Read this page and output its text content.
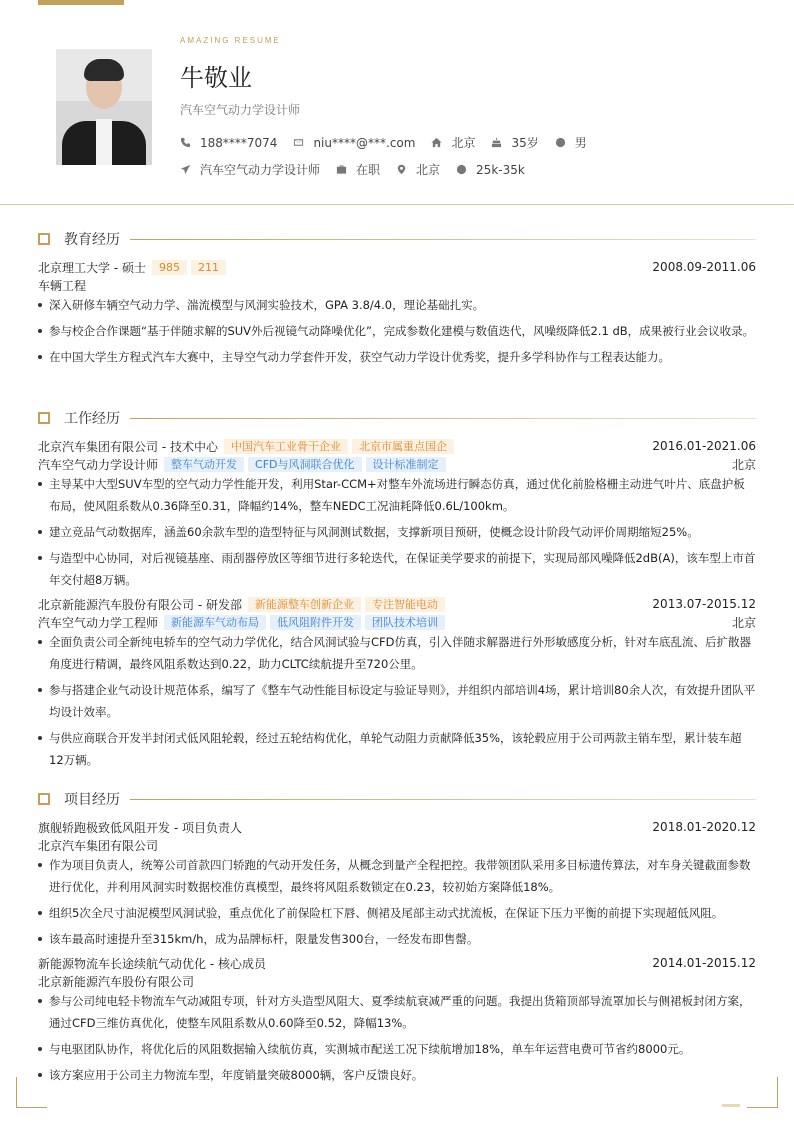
AMAZING RESUME
牛敬业
汽车空气动力学设计师
188****7074	niu****@***.com	北京	35岁	男
汽车空气动力学设计师	在职	北京	25k-35k
教育经历
北京理工大学 - 硕士	985	211	2008.09-2011.06
车辆工程
深入研修车辆空气动力学、湍流模型与风洞实验技术，GPA 3.8/4.0，理论基础扎实。
参与校企合作课题“基于伴随求解的SUV外后视镜气动降噪优化”，完成参数化建模与数值迭代，风噪级降低2.1 dB，成果被行业会议收录。
在中国大学生方程式汽车大赛中，主导空气动力学套件开发，获空气动力学设计优秀奖，提升多学科协作与工程表达能力。
工作经历
北京汽车集团有限公司 - 技术中心	中国汽车工业骨干企业	北京市属重点国企	2016.01-2021.06
汽车空气动力学设计师	整车气动开发	CFD与风洞联合优化	设计标准制定	北京
主导某中大型SUV车型的空气动力学性能开发，利用Star-CCM+对整车外流场进行瞬态仿真，通过优化前脸格栅主动进气叶片、底盘护板布局，使风阻系数从0.36降至0.31，降幅约14%，整车NEDC工况油耗降低0.6L/100km。
建立竞品气动数据库，涵盖60余款车型的造型特征与风洞测试数据，支撑新项目预研，使概念设计阶段气动评价周期缩短25%。
与造型中心协同，对后视镜基座、雨刮器停放区等细节进行多轮迭代，在保证美学要求的前提下，实现局部风噪降低2dB(A)，该车型上市首年交付超8万辆。
北京新能源汽车股份有限公司 - 研发部	新能源整车创新企业	专注智能电动	2013.07-2015.12
汽车空气动力学工程师	新能源车气动布局	低风阻附件开发	团队技术培训	北京
全面负责公司全新纯电轿车的空气动力学优化，结合风洞试验与CFD仿真，引入伴随求解器进行外形敏感度分析，针对车底乱流、后扩散器角度进行精调，最终风阻系数达到0.22，助力CLTC续航提升至720公里。
参与搭建企业气动设计规范体系，编写了《整车气动性能目标设定与验证导则》，并组织内部培训4场，累计培训80余人次，有效提升团队平均设计效率。
与供应商联合开发半封闭式低风阻轮毂，经过五轮结构优化，单轮气动阻力贡献降低35%，该轮毂应用于公司两款主销车型，累计装车超12万辆。
项目经历
旗舰轿跑极致低风阻开发 - 项目负责人	2018.01-2020.12
北京汽车集团有限公司
作为项目负责人，统筹公司首款四门轿跑的气动开发任务，从概念到量产全程把控。我带领团队采用多目标遗传算法，对车身关键截面参数进行优化，并利用风洞实时数据校准仿真模型，最终将风阻系数锁定在0.23，较初始方案降低18%。
组织5次全尺寸油泥模型风洞试验，重点优化了前保险杠下唇、侧裙及尾部主动式扰流板，在保证下压力平衡的前提下实现超低风阻。
该车最高时速提升至315km/h，成为品牌标杆，限量发售300台，一经发布即售罄。
新能源物流车长途续航气动优化 - 核心成员	2014.01-2015.12
北京新能源汽车股份有限公司
参与公司纯电轻卡物流车气动减阻专项，针对方头造型风阻大、夏季续航衰减严重的问题。我提出货箱顶部导流罩加长与侧裙板封闭方案，通过CFD三维仿真优化，使整车风阻系数从0.60降至0.52，降幅13%。
与电驱团队协作，将优化后的风阻数据输入续航仿真，实测城市配送工况下续航增加18%，单车年运营电费可节省约8000元。
该方案应用于公司主力物流车型，年度销量突破8000辆，客户反馈良好。
